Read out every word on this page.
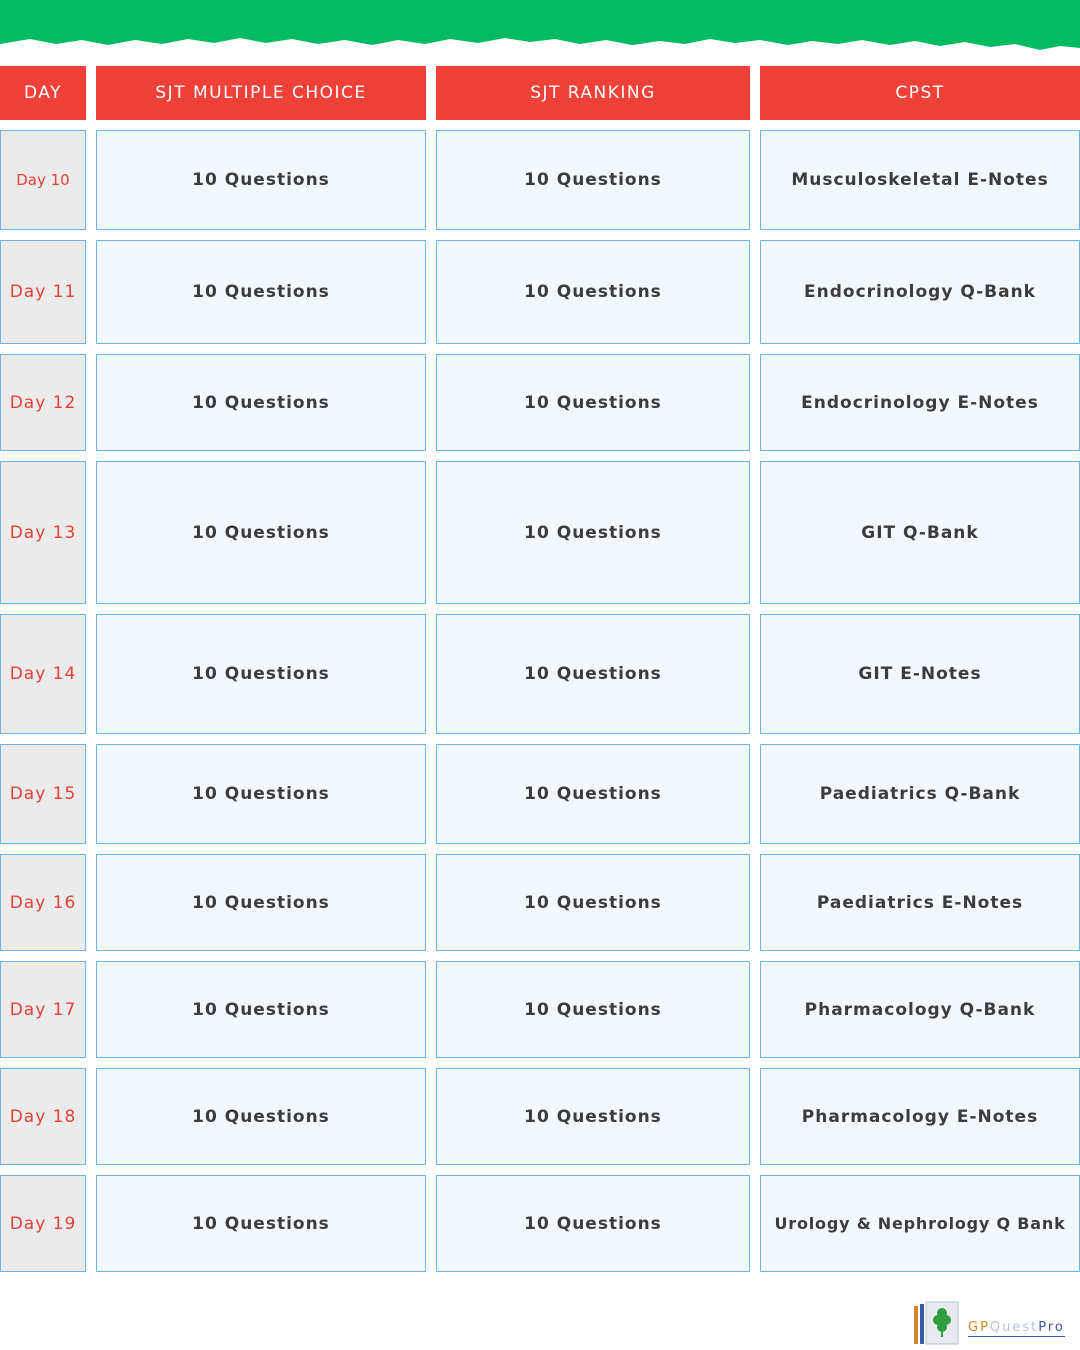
DAY	SJT MULTIPLE CHOICE	SJT RANKING	CPST
Day 10	10 Questions	10 Questions	Musculoskeletal E-Notes
Day 11	10 Questions	10 Questions	Endocrinology Q-Bank
Day 12	10 Questions	10 Questions	Endocrinology E-Notes
Day 13	10 Questions	10 Questions	GIT Q-Bank
Day 14	10 Questions	10 Questions	GIT E-Notes
Day 15	10 Questions	10 Questions	Paediatrics Q-Bank
Day 16	10 Questions	10 Questions	Paediatrics E-Notes
Day 17	10 Questions	10 Questions	Pharmacology Q-Bank
Day 18	10 Questions	10 Questions	Pharmacology E-Notes
Day 19	10 Questions	10 Questions	Urology & Nephrology Q Bank
GPQuestPro
